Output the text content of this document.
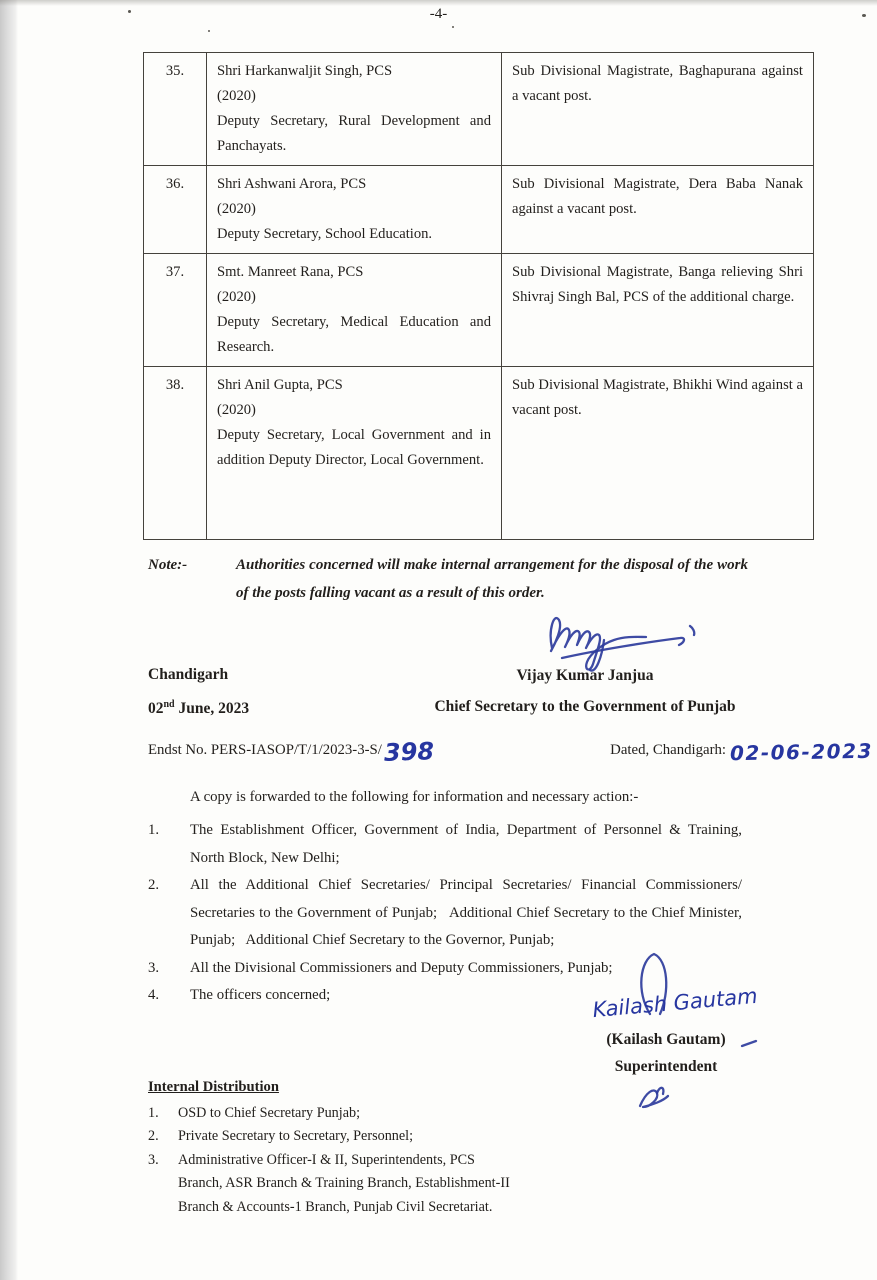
-4-
35.	Shri Harkanwaljit Singh, PCS
(2020)
Deputy Secretary, Rural Development and Panchayats.	Sub Divisional Magistrate, Baghapurana against a vacant post.

36.	Shri Ashwani Arora, PCS
(2020)
Deputy Secretary, School Education.	Sub Divisional Magistrate, Dera Baba Nanak against a vacant post.

37.	Smt. Manreet Rana, PCS
(2020)
Deputy Secretary, Medical Education and Research.	Sub Divisional Magistrate, Banga relieving Shri Shivraj Singh Bal, PCS of the additional charge.

38.	Shri Anil Gupta, PCS
(2020)
Deputy Secretary, Local Government and in addition Deputy Director, Local Government.	Sub Divisional Magistrate, Bhikhi Wind against a vacant post.
Note:-	Authorities concerned will make internal arrangement for the disposal of the work of the posts falling vacant as a result of this order.
Chandigarh
02nd June, 2023
Vijay Kumar Janjua
Chief Secretary to the Government of Punjab
Endst No. PERS-IASOP/T/1/2023-3-S/ 398	Dated, Chandigarh: 02-06-2023
A copy is forwarded to the following for information and necessary action:-
1.	The Establishment Officer, Government of India, Department of Personnel & Training, North Block, New Delhi;
2.	All the Additional Chief Secretaries/ Principal Secretaries/ Financial Commissioners/ Secretaries to the Government of Punjab;   Additional Chief Secretary to the Chief Minister, Punjab;   Additional Chief Secretary to the Governor, Punjab;
3.	All the Divisional Commissioners and Deputy Commissioners, Punjab;
4.	The officers concerned;	Kailash Gautam
(Kailash Gautam)
Superintendent
Internal Distribution
1.	OSD to Chief Secretary Punjab;
2.	Private Secretary to Secretary, Personnel;
3.	Administrative Officer-I & II, Superintendents, PCS Branch, ASR Branch & Training Branch, Establishment-II Branch & Accounts-1 Branch, Punjab Civil Secretariat.
